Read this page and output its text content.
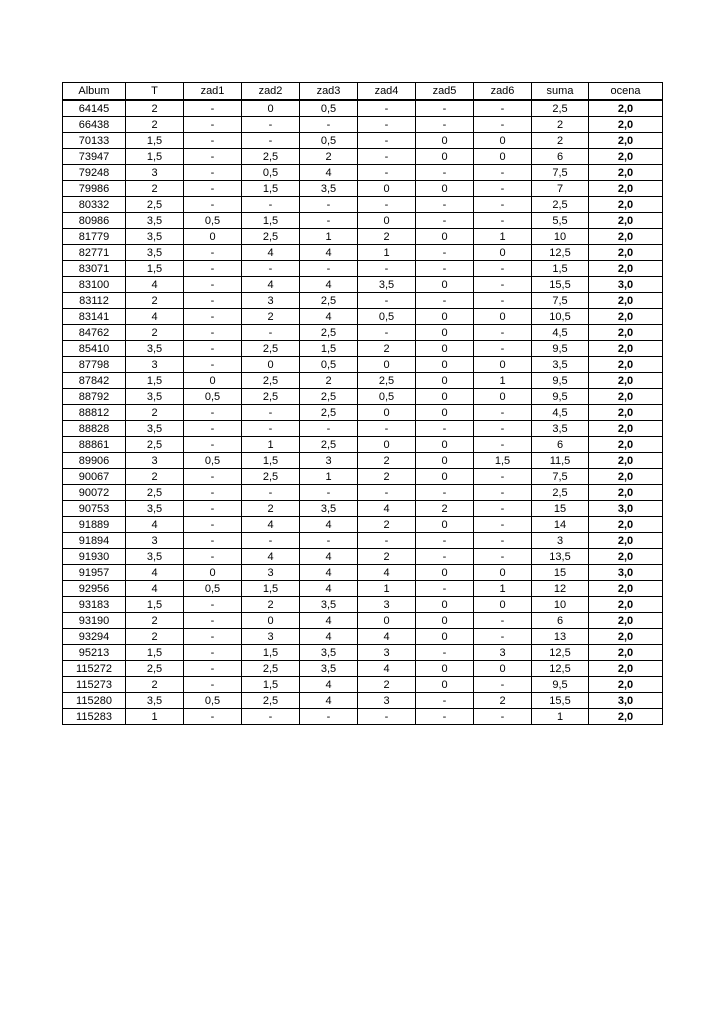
Album	T	zad1	zad2	zad3	zad4	zad5	zad6	suma	ocena
64145	2	-	0	0,5	-	-	-	2,5	2,0
66438	2	-	-	-	-	-	-	2	2,0
70133	1,5	-	-	0,5	-	0	0	2	2,0
73947	1,5	-	2,5	2	-	0	0	6	2,0
79248	3	-	0,5	4	-	-	-	7,5	2,0
79986	2	-	1,5	3,5	0	0	-	7	2,0
80332	2,5	-	-	-	-	-	-	2,5	2,0
80986	3,5	0,5	1,5	-	0	-	-	5,5	2,0
81779	3,5	0	2,5	1	2	0	1	10	2,0
82771	3,5	-	4	4	1	-	0	12,5	2,0
83071	1,5	-	-	-	-	-	-	1,5	2,0
83100	4	-	4	4	3,5	0	-	15,5	3,0
83112	2	-	3	2,5	-	-	-	7,5	2,0
83141	4	-	2	4	0,5	0	0	10,5	2,0
84762	2	-	-	2,5	-	0	-	4,5	2,0
85410	3,5	-	2,5	1,5	2	0	-	9,5	2,0
87798	3	-	0	0,5	0	0	0	3,5	2,0
87842	1,5	0	2,5	2	2,5	0	1	9,5	2,0
88792	3,5	0,5	2,5	2,5	0,5	0	0	9,5	2,0
88812	2	-	-	2,5	0	0	-	4,5	2,0
88828	3,5	-	-	-	-	-	-	3,5	2,0
88861	2,5	-	1	2,5	0	0	-	6	2,0
89906	3	0,5	1,5	3	2	0	1,5	11,5	2,0
90067	2	-	2,5	1	2	0	-	7,5	2,0
90072	2,5	-	-	-	-	-	-	2,5	2,0
90753	3,5	-	2	3,5	4	2	-	15	3,0
91889	4	-	4	4	2	0	-	14	2,0
91894	3	-	-	-	-	-	-	3	2,0
91930	3,5	-	4	4	2	-	-	13,5	2,0
91957	4	0	3	4	4	0	0	15	3,0
92956	4	0,5	1,5	4	1	-	1	12	2,0
93183	1,5	-	2	3,5	3	0	0	10	2,0
93190	2	-	0	4	0	0	-	6	2,0
93294	2	-	3	4	4	0	-	13	2,0
95213	1,5	-	1,5	3,5	3	-	3	12,5	2,0
115272	2,5	-	2,5	3,5	4	0	0	12,5	2,0
115273	2	-	1,5	4	2	0	-	9,5	2,0
115280	3,5	0,5	2,5	4	3	-	2	15,5	3,0
115283	1	-	-	-	-	-	-	1	2,0
